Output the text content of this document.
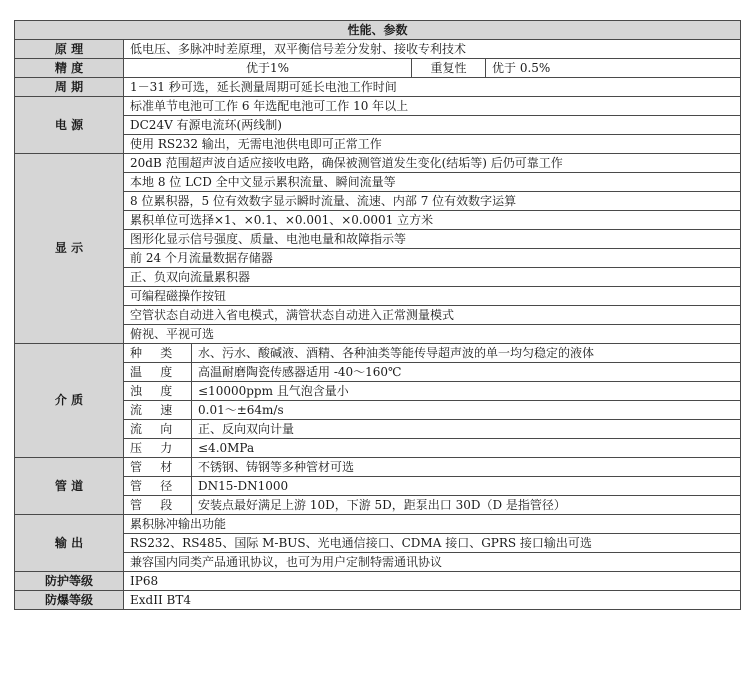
性能、参数				
原 理	低电压、多脉冲时差原理，双平衡信号差分发射、接收专利技术			
精 度	优于1%		重复性	优于 0.5%
周 期	1－31 秒可选，延长测量周期可延长电池工作时间			
电 源	标准单节电池可工作 6 年选配电池可工作 10 年以上			
	DC24V 有源电流环(两线制)			
	使用 RS232 输出，无需电池供电即可正常工作			
显 示	20dB 范围超声波自适应接收电路，确保被测管道发生变化(结垢等) 后仍可靠工作			
	本地 8 位 LCD 全中文显示累积流量、瞬间流量等			
	8 位累积器，5 位有效数字显示瞬时流量、流速、内部 7 位有效数字运算			
	累积单位可选择×1、×0.1、×0.001、×0.0001 立方米			
	图形化显示信号强度、质量、电池电量和故障指示等			
	前 24 个月流量数据存储器			
	正、负双向流量累积器			
	可编程磁操作按钮			
	空管状态自动进入省电模式，满管状态自动进入正常测量模式			
	俯视、平视可选			
介 质	种 类	水、污水、酸碱液、酒精、各种油类等能传导超声波的单一均匀稳定的液体		
	温 度	高温耐磨陶瓷传感器适用 -40～160℃		
	浊 度	≤10000ppm 且气泡含量小		
	流 速	0.01～±64m/s		
	流 向	正、反向双向计量		
	压 力	≤4.0MPa		
管 道	管 材	不锈钢、铸钢等多种管材可选		
	管 径	DN15-DN1000		
	管 段	安装点最好满足上游 10D，下游 5D，距泵出口 30D（D 是指管径）		
输 出	累积脉冲输出功能			
	RS232、RS485、国际 M-BUS、光电通信接口、CDMA 接口、GPRS 接口输出可选			
	兼容国内同类产品通讯协议，也可为用户定制特需通讯协议			
防护等级	IP68			
防爆等级	ExdII BT4			
